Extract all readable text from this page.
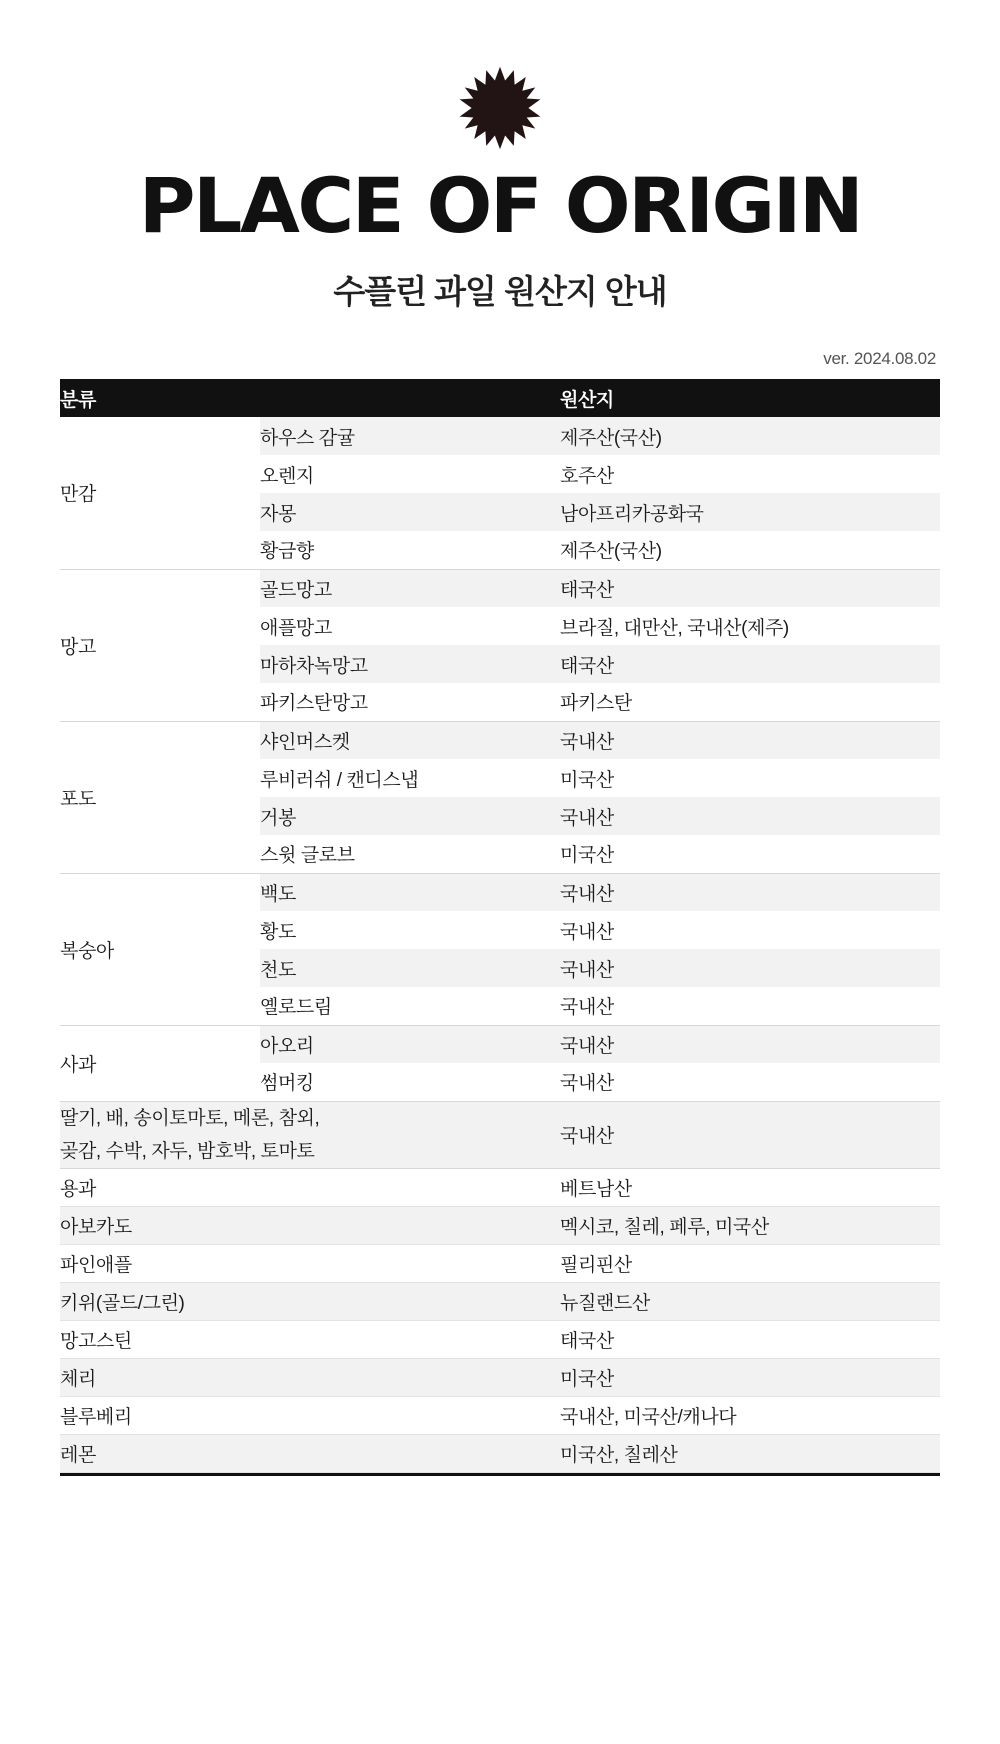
PLACE OF ORIGIN
수플린 과일 원산지 안내
ver. 2024.08.02
분류		원산지
만감	하우스 감귤	제주산(국산)
	오렌지	호주산
	자몽	남아프리카공화국
	황금향	제주산(국산)
망고	골드망고	태국산
	애플망고	브라질, 대만산, 국내산(제주)
	마하차녹망고	태국산
	파키스탄망고	파키스탄
포도	샤인머스켓	국내산
	루비러쉬 / 캔디스냅	미국산
	거봉	국내산
	스윗 글로브	미국산
복숭아	백도	국내산
	황도	국내산
	천도	국내산
	옐로드림	국내산
사과	아오리	국내산
	썸머킹	국내산

딸기, 배, 송이토마토, 메론, 참외,
곶감, 수박, 자두, 밤호박, 토마토		국내산
용과		베트남산
아보카도		멕시코, 칠레, 페루, 미국산
파인애플		필리핀산
키위(골드/그린)		뉴질랜드산
망고스틴		태국산
체리		미국산
블루베리		국내산, 미국산/캐나다
레몬		미국산, 칠레산
